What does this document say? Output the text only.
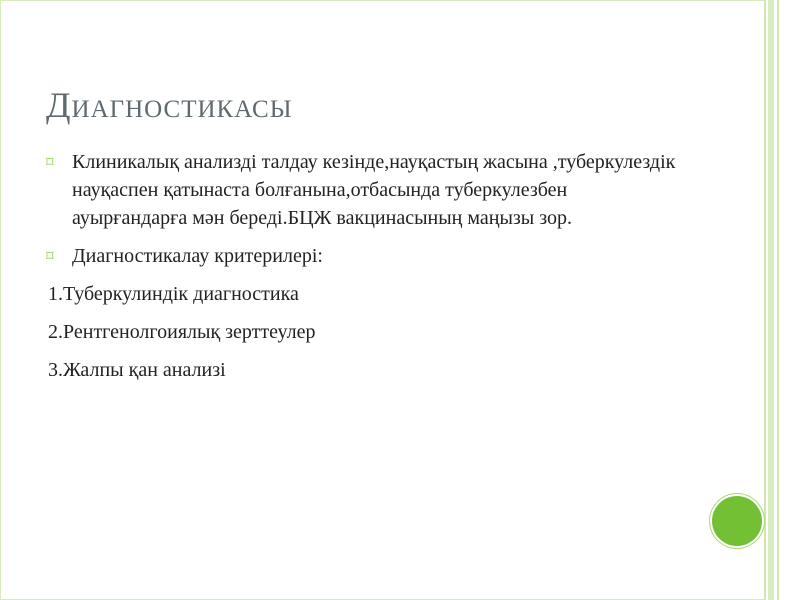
Диагностикасы
⌑ Клиникалық анализді талдау кезінде,науқастың жасына ,туберкулездік науқаспен қатынаста болғанына,отбасында туберкулезбен ауырғандарға мән береді.БЦЖ вакцинасының маңызы зор.
⌑ Диагностикалау критерилері:
1.Туберкулиндік диагностика
2.Рентгенолгоиялық зерттеулер
3.Жалпы қан анализі
